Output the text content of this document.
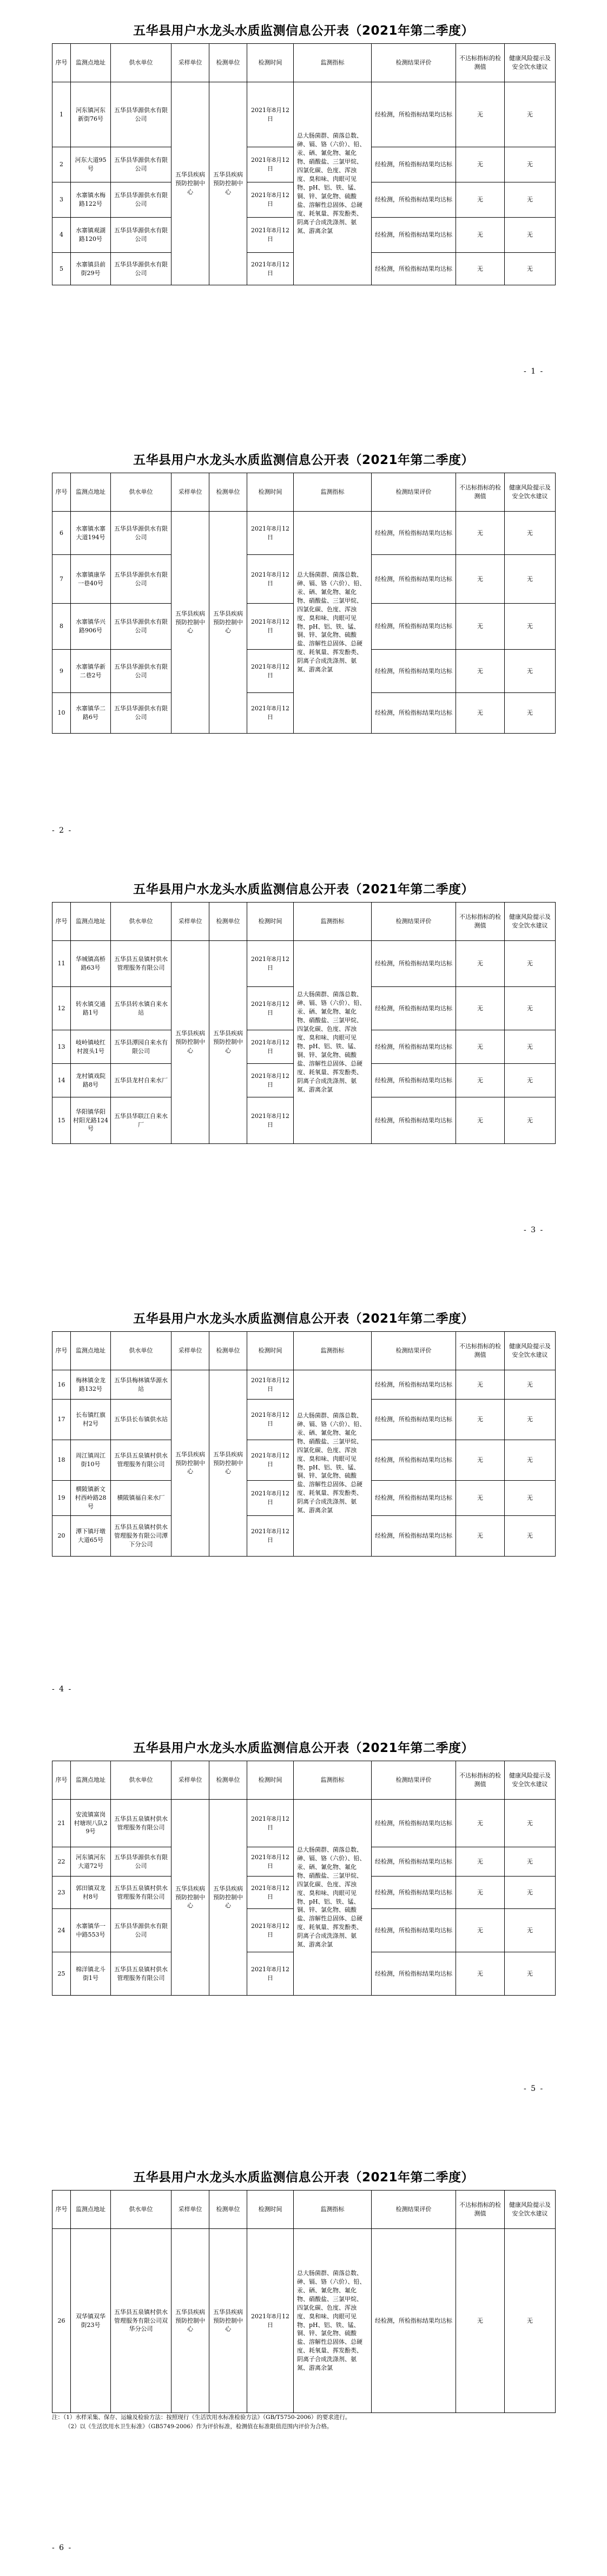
五华县用户水龙头水质监测信息公开表（2021年第二季度）
序号	监测点地址	供水单位	采样单位	检测单位	检测时间	监测指标	检测结果评价	不达标指标的检测值	健康风险提示及安全饮水建议
1	河东镇河东新街76号	五华县华源供水有限公司	五华县疾病预防控制中心	五华县疾病预防控制中心	2021年8月12日	总大肠菌群、菌落总数、砷、镉、铬（六价）、铅、汞、硒、氰化物、氟化物、硝酸盐、三氯甲烷、四氯化碳、色度、浑浊度、臭和味、肉眼可见物、pH、铝、铁、锰、铜、锌、氯化物、硫酸盐、溶解性总固体、总硬度、耗氧量、挥发酚类、阴离子合成洗涤剂、氨氮、游离余氯	经检测，所检指标结果均达标	无	无
2	河东大道95号	五华县华源供水有限公司			2021年8月12日		经检测，所检指标结果均达标	无	无
3	水寨镇水梅路122号	五华县华源供水有限公司			2021年8月12日		经检测，所检指标结果均达标	无	无
4	水寨镇观湖路120号	五华县华源供水有限公司			2021年8月12日		经检测，所检指标结果均达标	无	无
5	水寨镇县前街29号	五华县华源供水有限公司			2021年8月12日		经检测，所检指标结果均达标	无	无
- 1 -
五华县用户水龙头水质监测信息公开表（2021年第二季度）
序号	监测点地址	供水单位	采样单位	检测单位	检测时间	监测指标	检测结果评价	不达标指标的检测值	健康风险提示及安全饮水建议
6	水寨镇水寨大道194号	五华县华源供水有限公司	五华县疾病预防控制中心	五华县疾病预防控制中心	2021年8月12日	总大肠菌群、菌落总数、砷、镉、铬（六价）、铅、汞、硒、氰化物、氟化物、硝酸盐、三氯甲烷、四氯化碳、色度、浑浊度、臭和味、肉眼可见物、pH、铝、铁、锰、铜、锌、氯化物、硫酸盐、溶解性总固体、总硬度、耗氧量、挥发酚类、阴离子合成洗涤剂、氨氮、游离余氯	经检测，所检指标结果均达标	无	无
7	水寨镇康华一巷40号	五华县华源供水有限公司			2021年8月12日		经检测，所检指标结果均达标	无	无
8	水寨镇华兴路906号	五华县华源供水有限公司			2021年8月12日		经检测，所检指标结果均达标	无	无
9	水寨镇华新二巷2号	五华县华源供水有限公司			2021年8月12日		经检测，所检指标结果均达标	无	无
10	水寨镇华二路6号	五华县华源供水有限公司			2021年8月12日		经检测，所检指标结果均达标	无	无
- 2 -
五华县用户水龙头水质监测信息公开表（2021年第二季度）
序号	监测点地址	供水单位	采样单位	检测单位	检测时间	监测指标	检测结果评价	不达标指标的检测值	健康风险提示及安全饮水建议
11	华城镇高桥路63号	五华县五泉镇村供水管理服务有限公司	五华县疾病预防控制中心	五华县疾病预防控制中心	2021年8月12日	总大肠菌群、菌落总数、砷、镉、铬（六价）、铅、汞、硒、氰化物、氟化物、硝酸盐、三氯甲烷、四氯化碳、色度、浑浊度、臭和味、肉眼可见物、pH、铝、铁、锰、铜、锌、氯化物、硫酸盐、溶解性总固体、总硬度、耗氧量、挥发酚类、阴离子合成洗涤剂、氨氮、游离余氯	经检测，所检指标结果均达标	无	无
12	转水镇交通路1号	五华县转水镇自来水站			2021年8月12日		经检测，所检指标结果均达标	无	无
13	岐岭镇岐红村渡头1号	五华县潭园自来水有限公司			2021年8月12日		经检测，所检指标结果均达标	无	无
14	龙村镇戏院路8号	五华县龙村自来水厂			2021年8月12日		经检测，所检指标结果均达标	无	无
15	华阳镇华阳村阳光路124号	五华县华联江自来水厂			2021年8月12日		经检测，所检指标结果均达标	无	无
- 3 -
五华县用户水龙头水质监测信息公开表（2021年第二季度）
序号	监测点地址	供水单位	采样单位	检测单位	检测时间	监测指标	检测结果评价	不达标指标的检测值	健康风险提示及安全饮水建议
16	梅林镇金龙路132号	五华县梅林镇华源水站	五华县疾病预防控制中心	五华县疾病预防控制中心	2021年8月12日	总大肠菌群、菌落总数、砷、镉、铬（六价）、铅、汞、硒、氰化物、氟化物、硝酸盐、三氯甲烷、四氯化碳、色度、浑浊度、臭和味、肉眼可见物、pH、铝、铁、锰、铜、锌、氯化物、硫酸盐、溶解性总固体、总硬度、耗氧量、挥发酚类、阴离子合成洗涤剂、氨氮、游离余氯	经检测，所检指标结果均达标	无	无
17	长布镇红旗村2号	五华县长布镇供水站			2021年8月12日		经检测，所检指标结果均达标	无	无
18	周江镇周江街10号	五华县五泉镇村供水管理服务有限公司			2021年8月12日		经检测，所检指标结果均达标	无	无
19	横陂镇新文村西岭路28号	横陂镇福自来水厂			2021年8月12日		经检测，所检指标结果均达标	无	无
20	潭下镇圩墩大道65号	五华县五泉镇村供水管理服务有限公司潭下分公司			2021年8月12日		经检测，所检指标结果均达标	无	无
- 4 -
五华县用户水龙头水质监测信息公开表（2021年第二季度）
序号	监测点地址	供水单位	采样单位	检测单位	检测时间	监测指标	检测结果评价	不达标指标的检测值	健康风险提示及安全饮水建议
21	安流镇富岗村塘坝八队29号	五华县五泉镇村供水管理服务有限公司	五华县疾病预防控制中心	五华县疾病预防控制中心	2021年8月12日	总大肠菌群、菌落总数、砷、镉、铬（六价）、铅、汞、硒、氰化物、氟化物、硝酸盐、三氯甲烷、四氯化碳、色度、浑浊度、臭和味、肉眼可见物、pH、铝、铁、锰、铜、锌、氯化物、硫酸盐、溶解性总固体、总硬度、耗氧量、挥发酚类、阴离子合成洗涤剂、氨氮、游离余氯	经检测，所检指标结果均达标	无	无
22	河东镇河东大道72号	五华县华源供水有限公司			2021年8月12日		经检测，所检指标结果均达标	无	无
23	郭田镇双龙村8号	五华县五泉镇村供水管理服务有限公司			2021年8月12日		经检测，所检指标结果均达标	无	无
24	水寨镇华一中路553号	五华县华源供水有限公司			2021年8月12日		经检测，所检指标结果均达标	无	无
25	棉洋镇北斗街1号	五华县五泉镇村供水管理服务有限公司			2021年8月12日		经检测，所检指标结果均达标	无	无
- 5 -
五华县用户水龙头水质监测信息公开表（2021年第二季度）
序号	监测点地址	供水单位	采样单位	检测单位	检测时间	监测指标	检测结果评价	不达标指标的检测值	健康风险提示及安全饮水建议
26	双华镇双华街23号	五华县五泉镇村供水管理服务有限公司双华分公司	五华县疾病预防控制中心	五华县疾病预防控制中心	2021年8月12日	总大肠菌群、菌落总数、砷、镉、铬（六价）、铅、汞、硒、氰化物、氟化物、硝酸盐、三氯甲烷、四氯化碳、色度、浑浊度、臭和味、肉眼可见物、pH、铝、铁、锰、铜、锌、氯化物、硫酸盐、溶解性总固体、总硬度、耗氧量、挥发酚类、阴离子合成洗涤剂、氨氮、游离余氯	经检测，所检指标结果均达标	无	无
注：（1）水样采集、保存、运输及检验方法：按照现行《生活饮用水标准检验方法》（GB/T5750-2006）的要求进行。
（2）以《生活饮用水卫生标准》（GB5749-2006）作为评价标准，检测值在标准限值范围内评价为合格。
- 6 -
